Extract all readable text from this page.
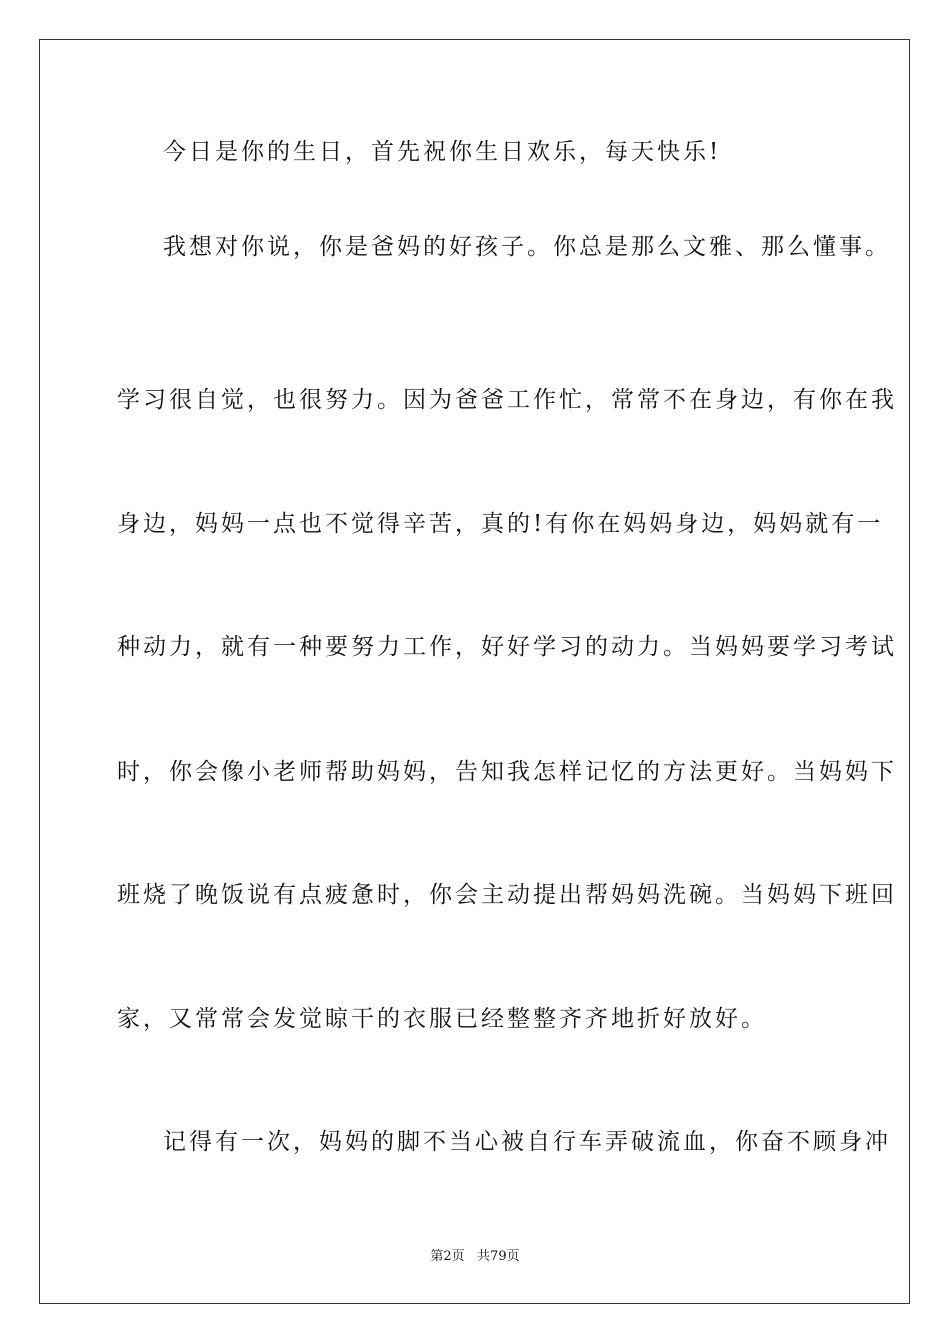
今日是你的生日，首先祝你生日欢乐，每天快乐!
我想对你说，你是爸妈的好孩子。你总是那么文雅、那么懂事。
学习很自觉，也很努力。因为爸爸工作忙，常常不在身边，有你在我
身边，妈妈一点也不觉得辛苦，真的!有你在妈妈身边，妈妈就有一
种动力，就有一种要努力工作，好好学习的动力。当妈妈要学习考试
时，你会像小老师帮助妈妈，告知我怎样记忆的方法更好。当妈妈下
班烧了晚饭说有点疲惫时，你会主动提出帮妈妈洗碗。当妈妈下班回
家，又常常会发觉晾干的衣服已经整整齐齐地折好放好。
记得有一次，妈妈的脚不当心被自行车弄破流血，你奋不顾身冲
第2页   共79页
